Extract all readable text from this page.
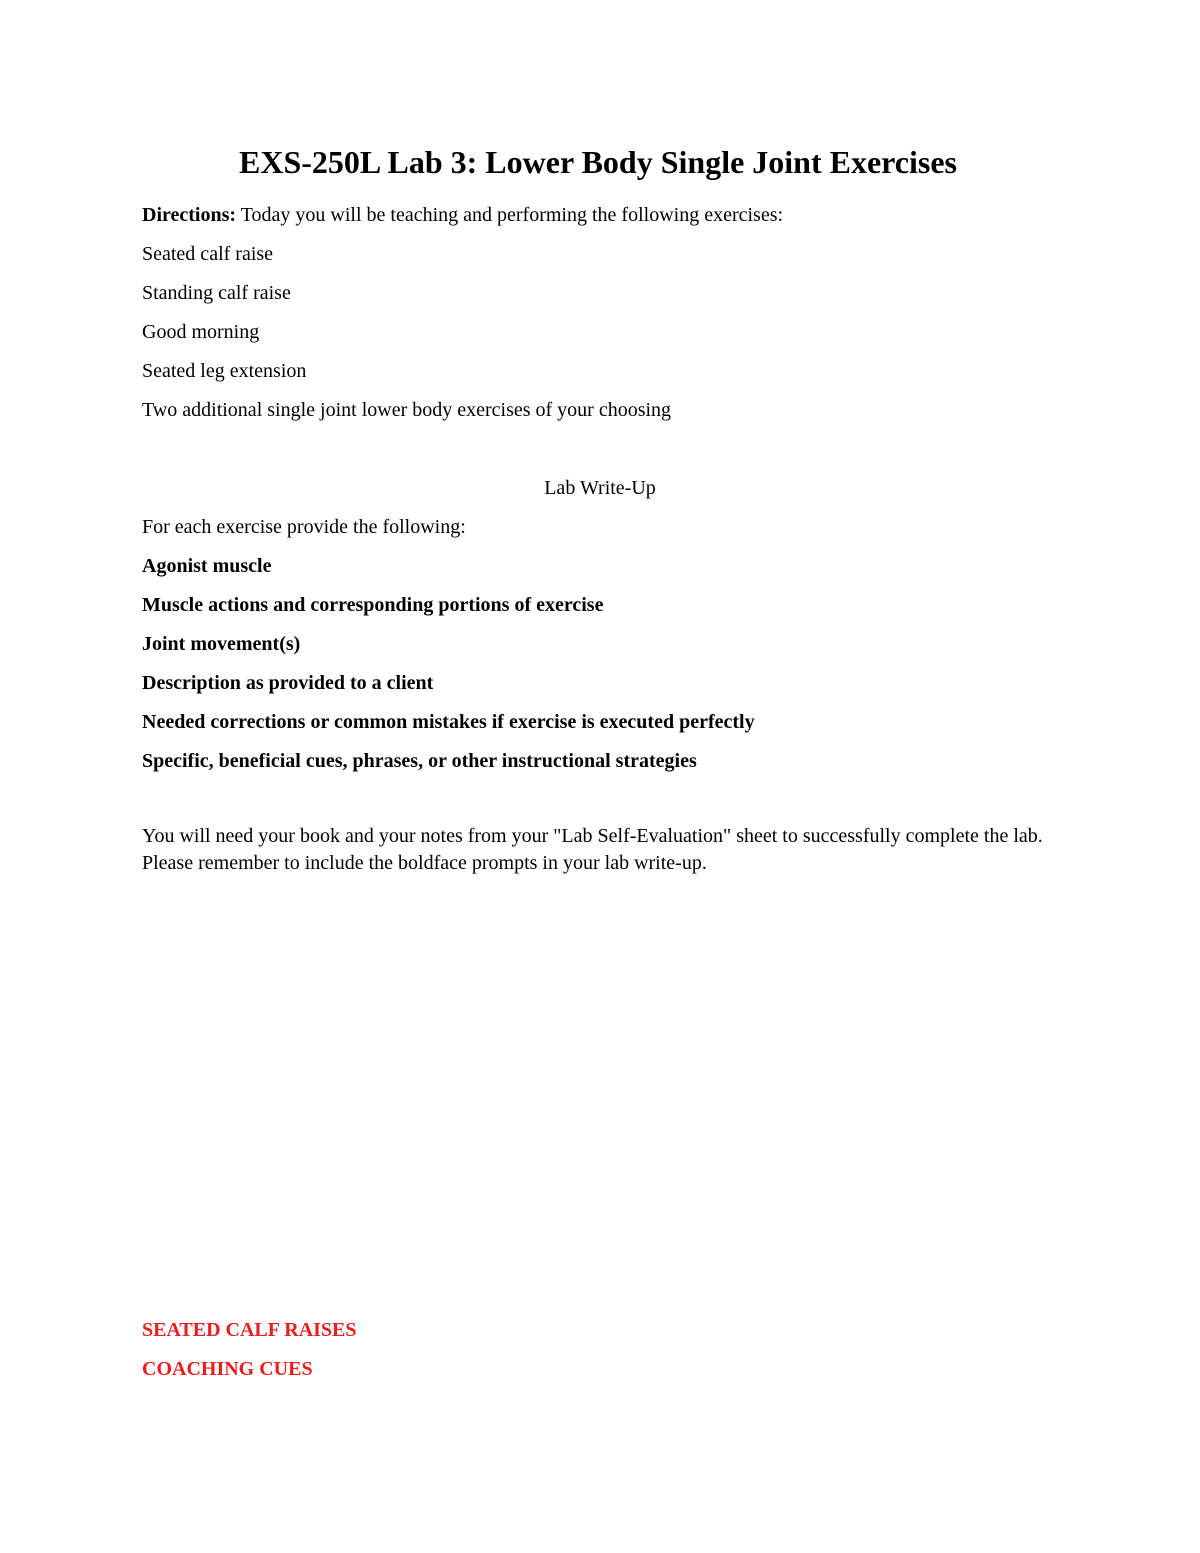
EXS-250L Lab 3: Lower Body Single Joint Exercises
Directions: Today you will be teaching and performing the following exercises:
Seated calf raise
Standing calf raise
Good morning
Seated leg extension
Two additional single joint lower body exercises of your choosing
Lab Write-Up
For each exercise provide the following:
Agonist muscle
Muscle actions and corresponding portions of exercise
Joint movement(s)
Description as provided to a client
Needed corrections or common mistakes if exercise is executed perfectly
Specific, beneficial cues, phrases, or other instructional strategies
You will need your book and your notes from your "Lab Self-Evaluation" sheet to successfully complete the lab. Please remember to include the boldface prompts in your lab write-up.
SEATED CALF RAISES
COACHING CUES
